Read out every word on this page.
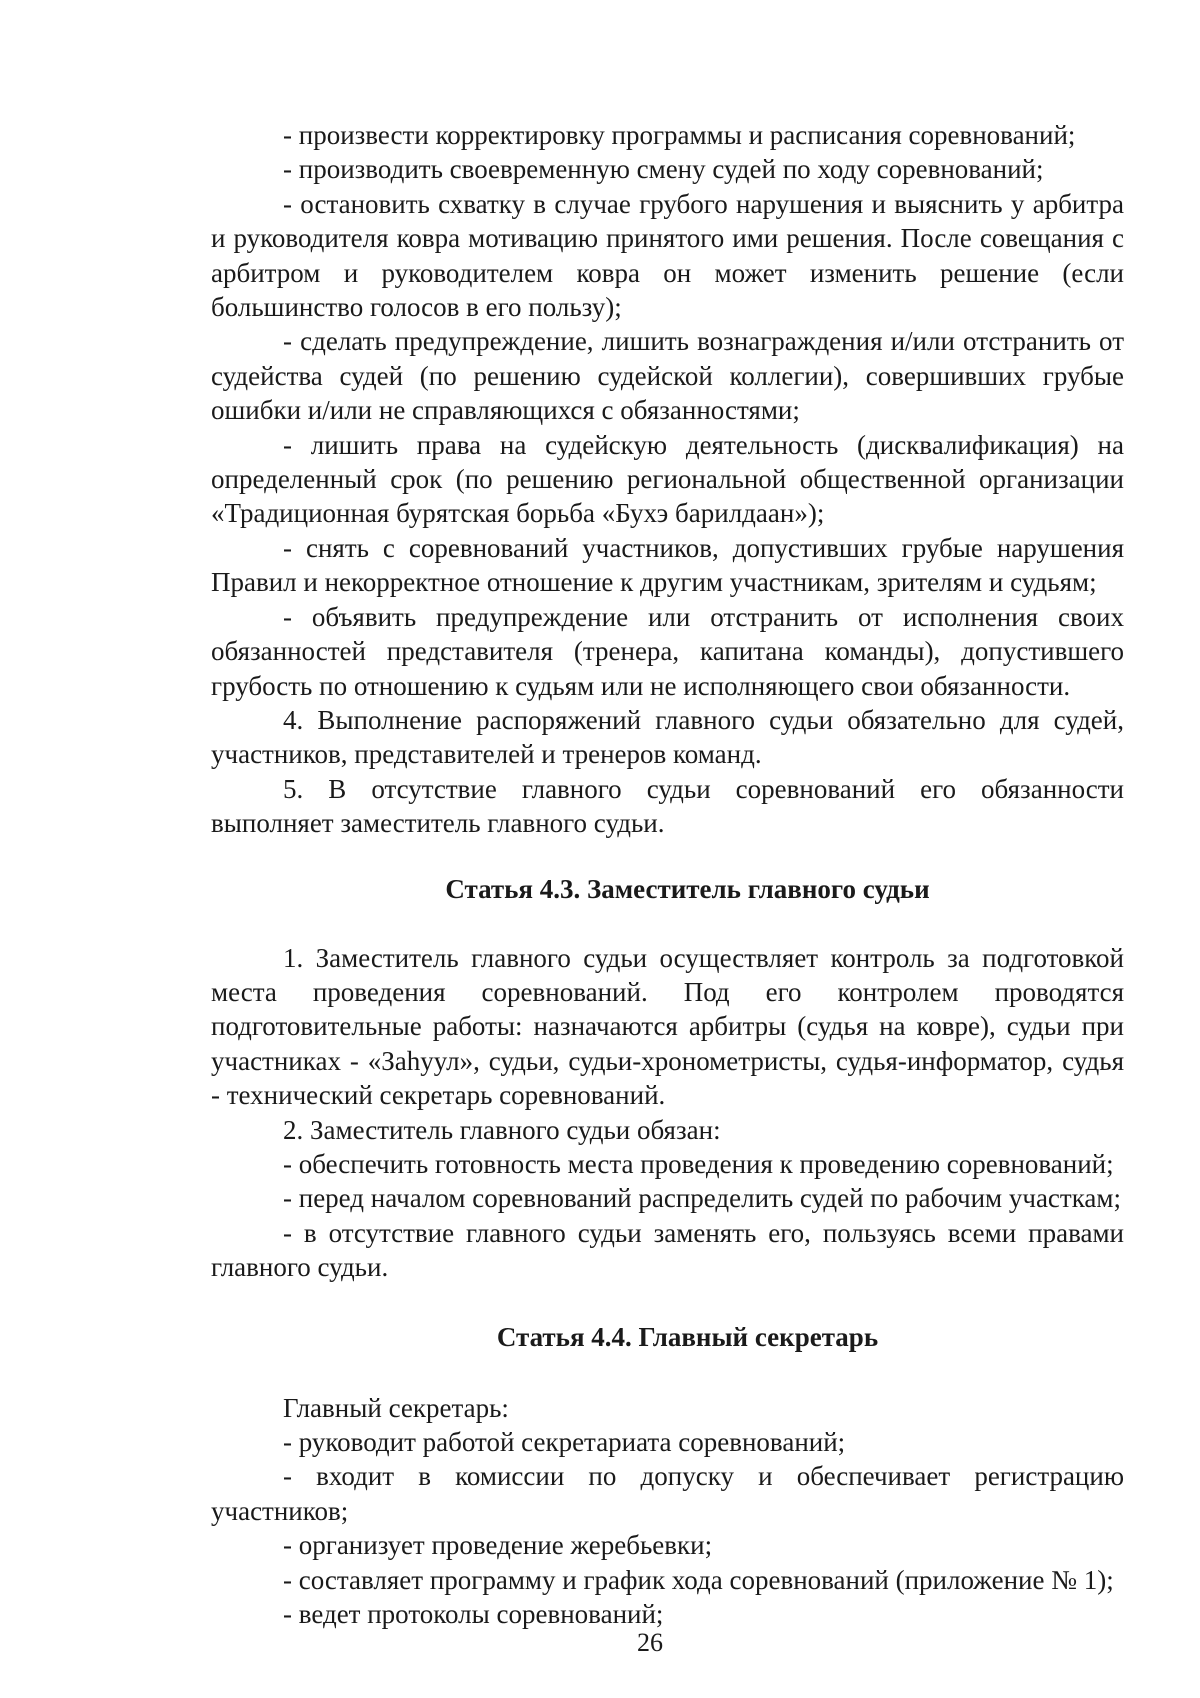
- произвести корректировку программы и расписания соревнований;

- производить своевременную смену судей по ходу соревнований;

- остановить схватку в случае грубого нарушения и выяснить у арбитра и руководителя ковра мотивацию принятого ими решения. После совещания с арбитром и руководителем ковра он может изменить решение (если большинство голосов в его пользу);

- сделать предупреждение, лишить вознаграждения и/или отстранить от судейства судей (по решению судейской коллегии), совершивших грубые ошибки и/или не справляющихся с обязанностями;

- лишить права на судейскую деятельность (дисквалификация) на определенный срок (по решению региональной общественной организации «Традиционная бурятская борьба «Бухэ барилдаан»);

- снять с соревнований участников, допустивших грубые нарушения Правил и некорректное отношение к другим участникам, зрителям и судьям;

- объявить предупреждение или отстранить от исполнения своих обязанностей представителя (тренера, капитана команды), допустившего грубость по отношению к судьям или не исполняющего свои обязанности.

4. Выполнение распоряжений главного судьи обязательно для судей, участников, представителей и тренеров команд.

5. В отсутствие главного судьи соревнований его обязанности выполняет заместитель главного судьи.

Статья 4.3. Заместитель главного судьи

1. Заместитель главного судьи осуществляет контроль за подготовкой места проведения соревнований. Под его контролем проводятся подготовительные работы: назначаются арбитры (судья на ковре), судьи при участниках - «Заhуул», судьи, судьи-хронометристы, судья-информатор, судья - технический секретарь соревнований.

2. Заместитель главного судьи обязан:

- обеспечить готовность места проведения к проведению соревнований;

- перед началом соревнований распределить судей по рабочим участкам;

- в отсутствие главного судьи заменять его, пользуясь всеми правами главного судьи.

Статья 4.4. Главный секретарь

Главный секретарь:

- руководит работой секретариата соревнований;

- входит в комиссии по допуску и обеспечивает регистрацию участников;

- организует проведение жеребьевки;

- составляет программу и график хода соревнований (приложение № 1);

- ведет протоколы соревнований;

26
